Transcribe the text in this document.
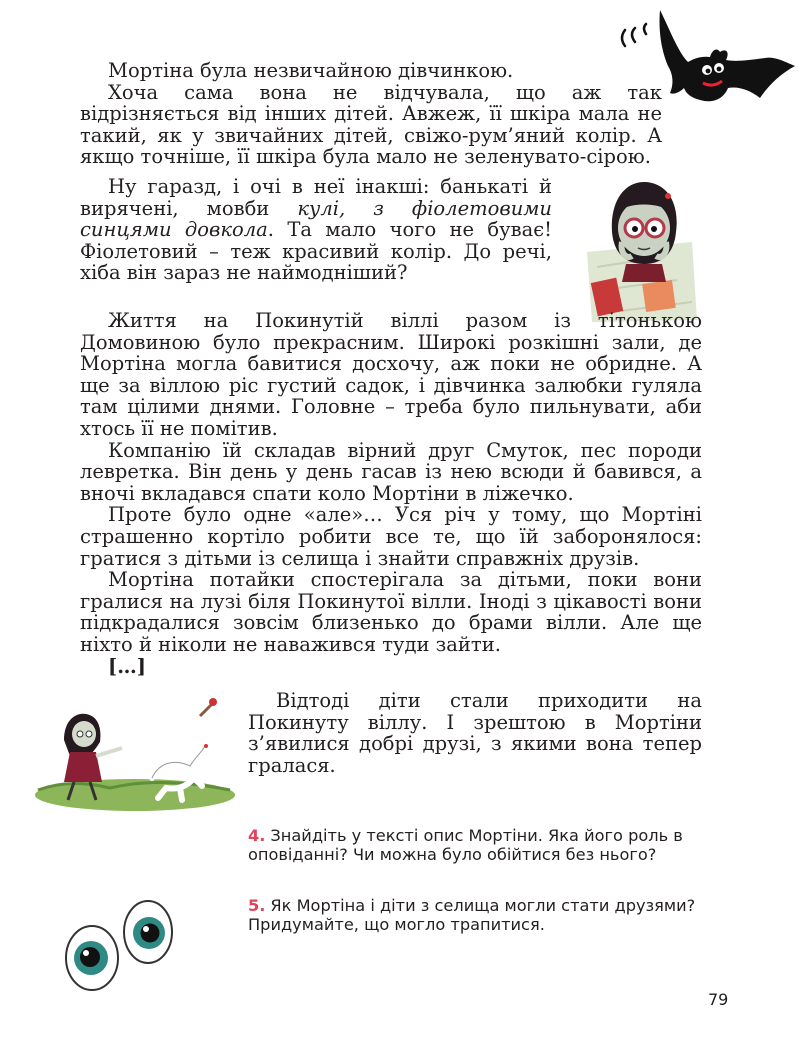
Мортіна була незвичайною дівчинкою.

Хоча сама вона не відчувала, що аж так відрізняється від інших дітей. Авжеж, її шкіра мала не такий, як у звичайних дітей, свіжо-рум’яний колір. А якщо точніше, її шкіра була мало не зеленувато-сірою.

Ну гаразд, і очі в неї інакші: банькаті й вирячені, мовби кулі, з фіолетовими синцями довкола. Та мало чого не буває! Фіолетовий – теж красивий колір. До речі, хіба він зараз не наймодніший?

Життя на Покинутій віллі разом із тітонькою Домовиною було прекрасним. Широкі розкішні зали, де Мортіна могла бавитися досхочу, аж поки не обридне. А ще за віллою ріс густий садок, і дівчинка залюбки гуляла там цілими днями. Головне – треба було пильнувати, аби хтось її не помітив.

Компанію їй складав вірний друг Смуток, пес породи левретка. Він день у день гасав із нею всюди й бавився, а вночі вкладався спати коло Мортіни в ліжечко.

Проте було одне «але»… Уся річ у тому, що Мортіні страшенно кортіло робити все те, що їй заборонялося: гратися з дітьми із селища і знайти справжніх друзів.

Мортіна потайки спостерігала за дітьми, поки вони гралися на лузі біля Покинутої вілли. Іноді з цікавості вони підкрадалися зовсім близенько до брами вілли. Але ще ніхто й ніколи не наважився туди зайти.

[…]

Відтоді діти стали приходити на Покинуту віллу. І зрештою в Мортіни з’явилися добрі друзі, з якими вона тепер гралася.

4. Знайдіть у тексті опис Мортіни. Яка його роль в оповіданні? Чи можна було обійтися без нього?
5. Як Мортіна і діти з селища могли стати друзями? Придумайте, що могло трапитися.
79
